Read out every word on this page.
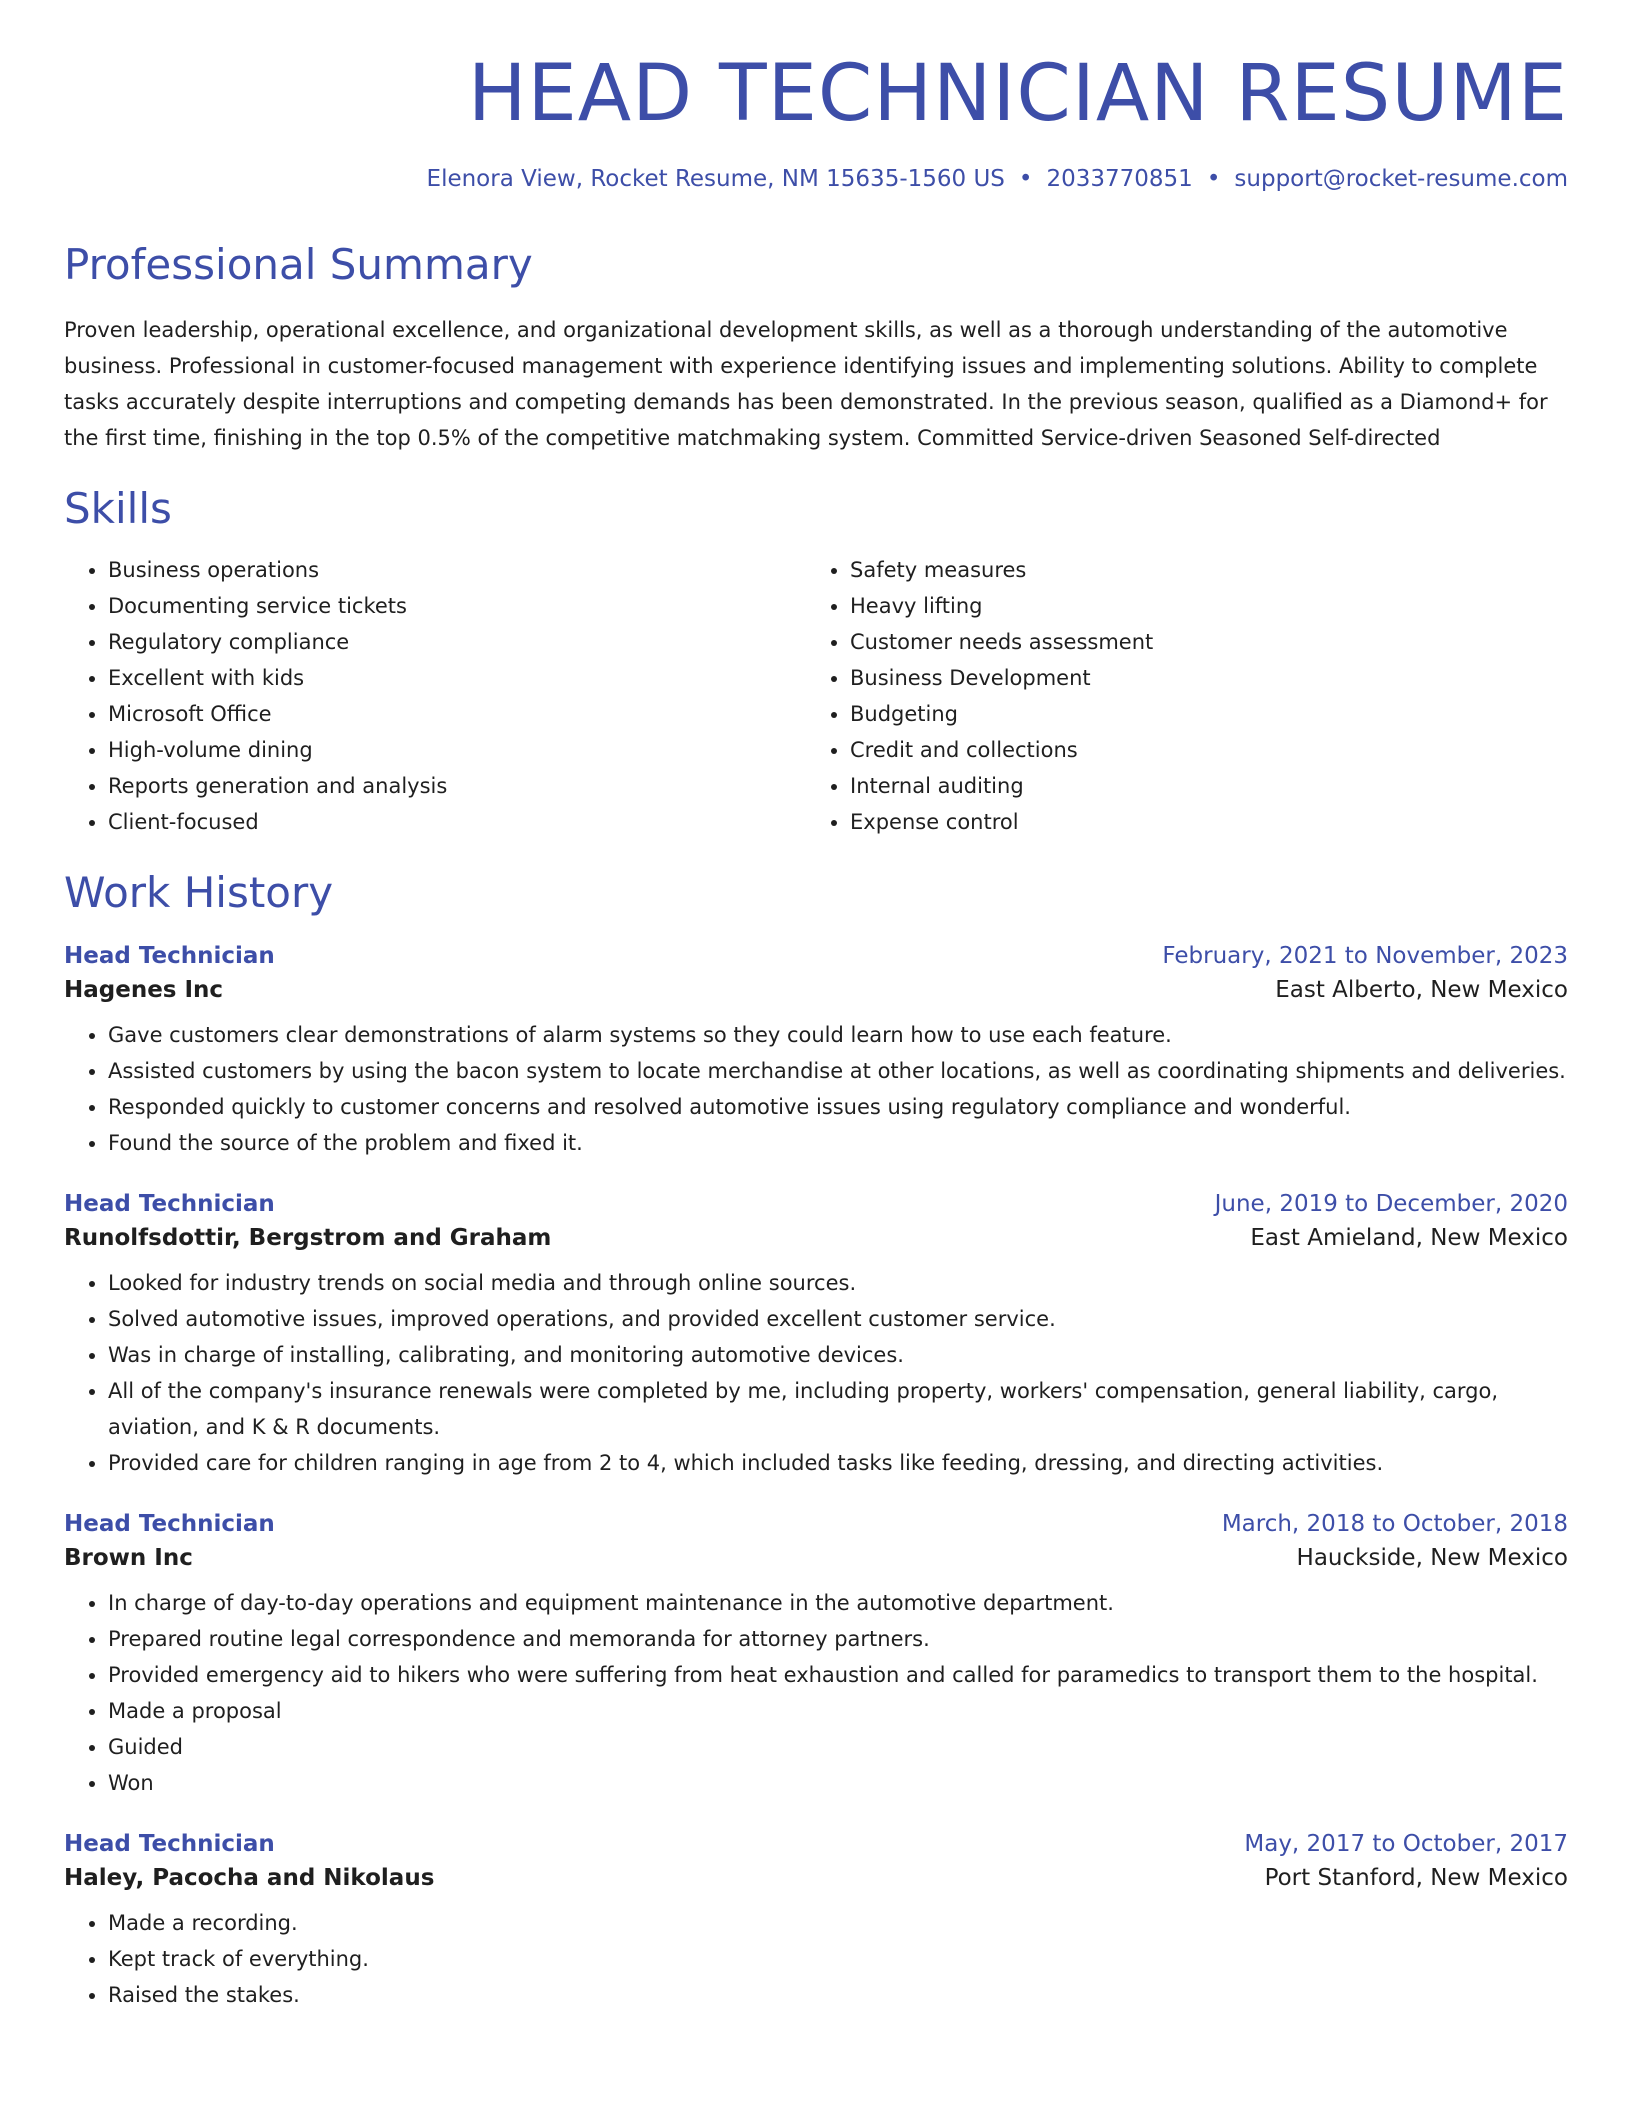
HEAD TECHNICIAN RESUME
Elenora View, Rocket Resume, NM 15635-1560 US • 2033770851 • support@rocket-resume.com
Professional Summary

Proven leadership, operational excellence, and organizational development skills, as well as a thorough understanding of the automotive business. Professional in customer-focused management with experience identifying issues and implementing solutions. Ability to complete tasks accurately despite interruptions and competing demands has been demonstrated. In the previous season, qualified as a Diamond+ for the first time, finishing in the top 0.5% of the competitive matchmaking system. Committed Service-driven Seasoned Self-directed

Skills
• Business operations
• Documenting service tickets
• Regulatory compliance
• Excellent with kids
• Microsoft Office
• High-volume dining
• Reports generation and analysis
• Client-focused
• Safety measures
• Heavy lifting
• Customer needs assessment
• Business Development
• Budgeting
• Credit and collections
• Internal auditing
• Expense control
Work History
Head Technician	February, 2021 to November, 2023
Hagenes Inc	East Alberto, New Mexico
• Gave customers clear demonstrations of alarm systems so they could learn how to use each feature.
• Assisted customers by using the bacon system to locate merchandise at other locations, as well as coordinating shipments and deliveries.
• Responded quickly to customer concerns and resolved automotive issues using regulatory compliance and wonderful.
• Found the source of the problem and fixed it.
Head Technician	June, 2019 to December, 2020
Runolfsdottir, Bergstrom and Graham	East Amieland, New Mexico
• Looked for industry trends on social media and through online sources.
• Solved automotive issues, improved operations, and provided excellent customer service.
• Was in charge of installing, calibrating, and monitoring automotive devices.
• All of the company's insurance renewals were completed by me, including property, workers' compensation, general liability, cargo, aviation, and K & R documents.
• Provided care for children ranging in age from 2 to 4, which included tasks like feeding, dressing, and directing activities.
Head Technician	March, 2018 to October, 2018
Brown Inc	Hauckside, New Mexico
• In charge of day-to-day operations and equipment maintenance in the automotive department.
• Prepared routine legal correspondence and memoranda for attorney partners.
• Provided emergency aid to hikers who were suffering from heat exhaustion and called for paramedics to transport them to the hospital.
• Made a proposal
• Guided
• Won
Head Technician	May, 2017 to October, 2017
Haley, Pacocha and Nikolaus	Port Stanford, New Mexico
• Made a recording.
• Kept track of everything.
• Raised the stakes.
